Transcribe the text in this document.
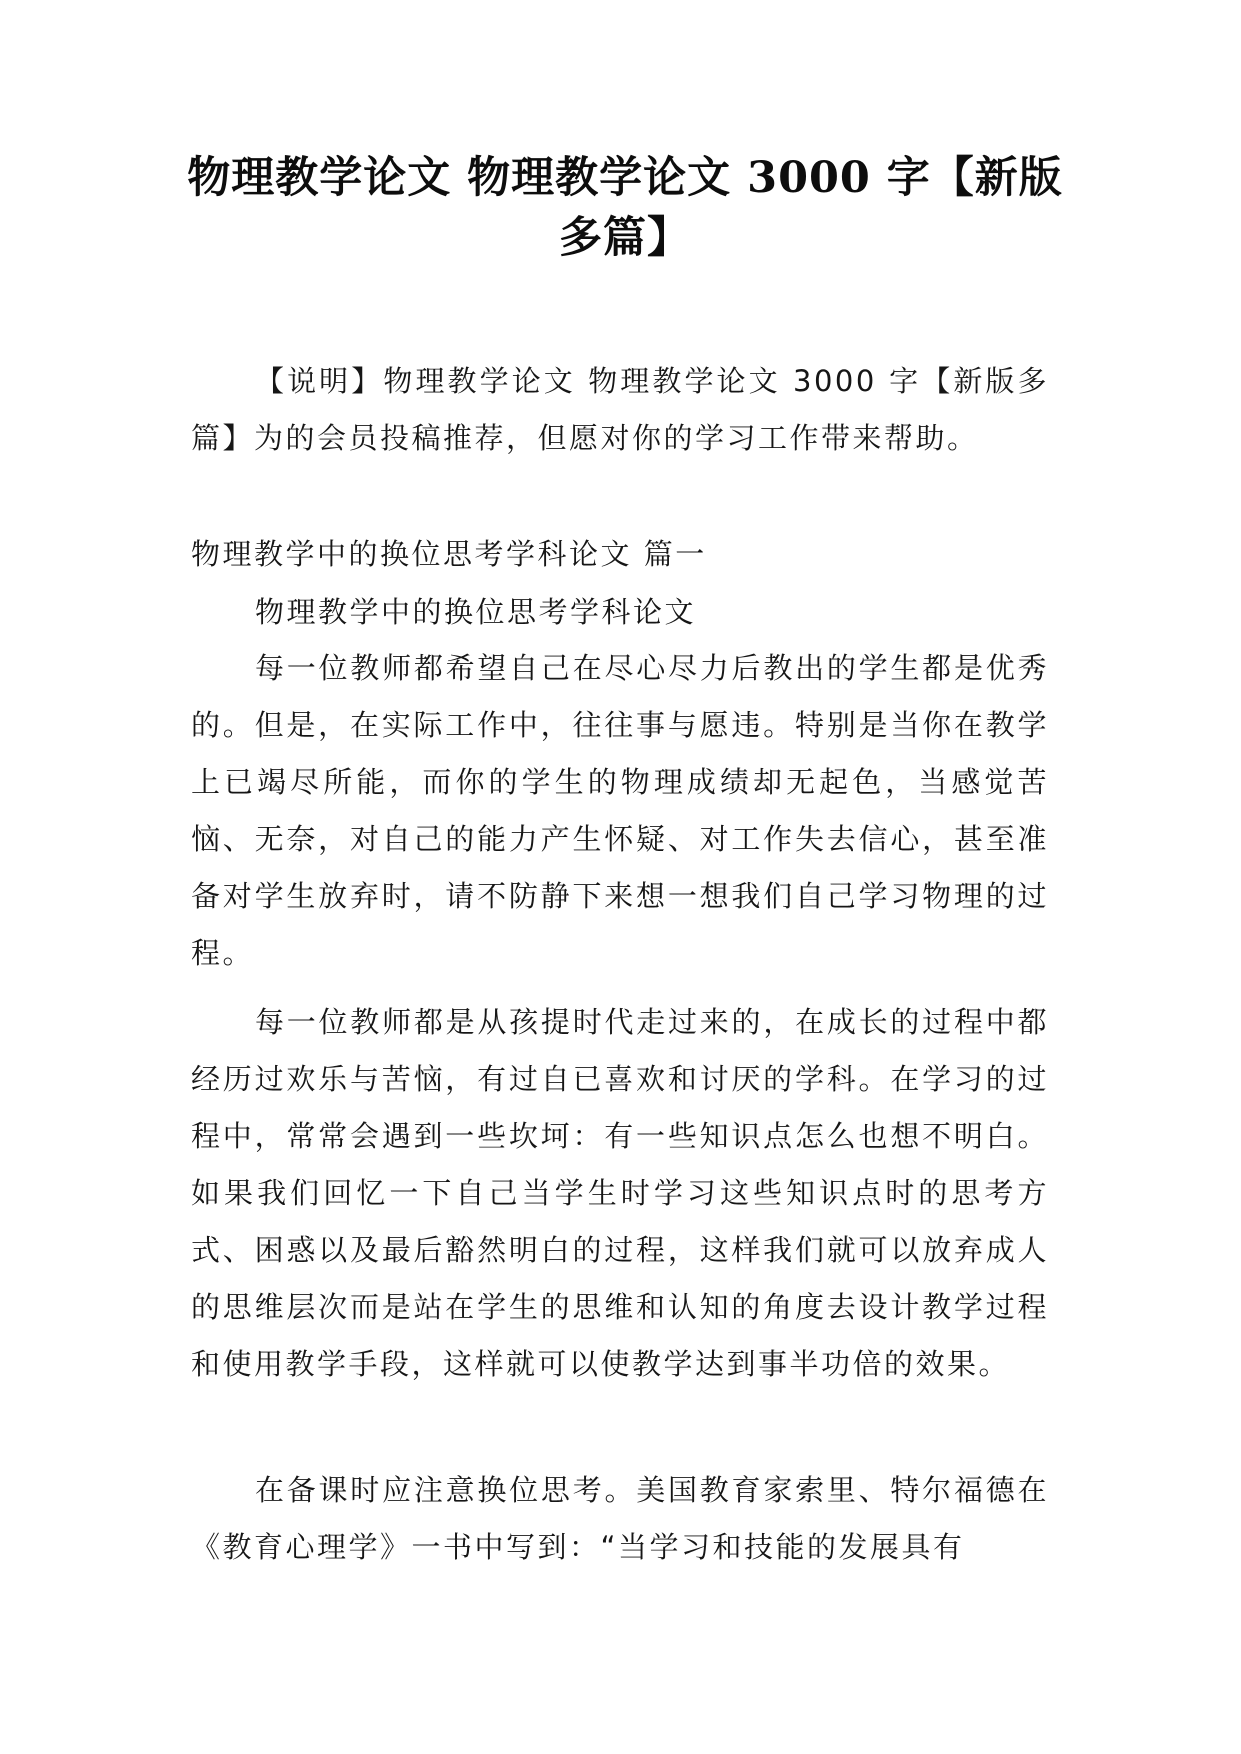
物理教学论文 物理教学论文 3000 字【新版多篇】

【说明】物理教学论文 物理教学论文 3000 字【新版多篇】为的会员投稿推荐，但愿对你的学习工作带来帮助。

物理教学中的换位思考学科论文 篇一

物理教学中的换位思考学科论文

每一位教师都希望自己在尽心尽力后教出的学生都是优秀的。但是，在实际工作中，往往事与愿违。特别是当你在教学上已竭尽所能，而你的学生的物理成绩却无起色，当感觉苦恼、无奈，对自己的能力产生怀疑、对工作失去信心，甚至准备对学生放弃时，请不防静下来想一想我们自己学习物理的过程。

每一位教师都是从孩提时代走过来的，在成长的过程中都经历过欢乐与苦恼，有过自已喜欢和讨厌的学科。在学习的过程中，常常会遇到一些坎坷：有一些知识点怎么也想不明白。如果我们回忆一下自己当学生时学习这些知识点时的思考方式、困惑以及最后豁然明白的过程，这样我们就可以放弃成人的思维层次而是站在学生的思维和认知的角度去设计教学过程和使用教学手段，这样就可以使教学达到事半功倍的效果。

在备课时应注意换位思考。美国教育家索里、特尔福德在《教育心理学》一书中写到：“当学习和技能的发展具有
